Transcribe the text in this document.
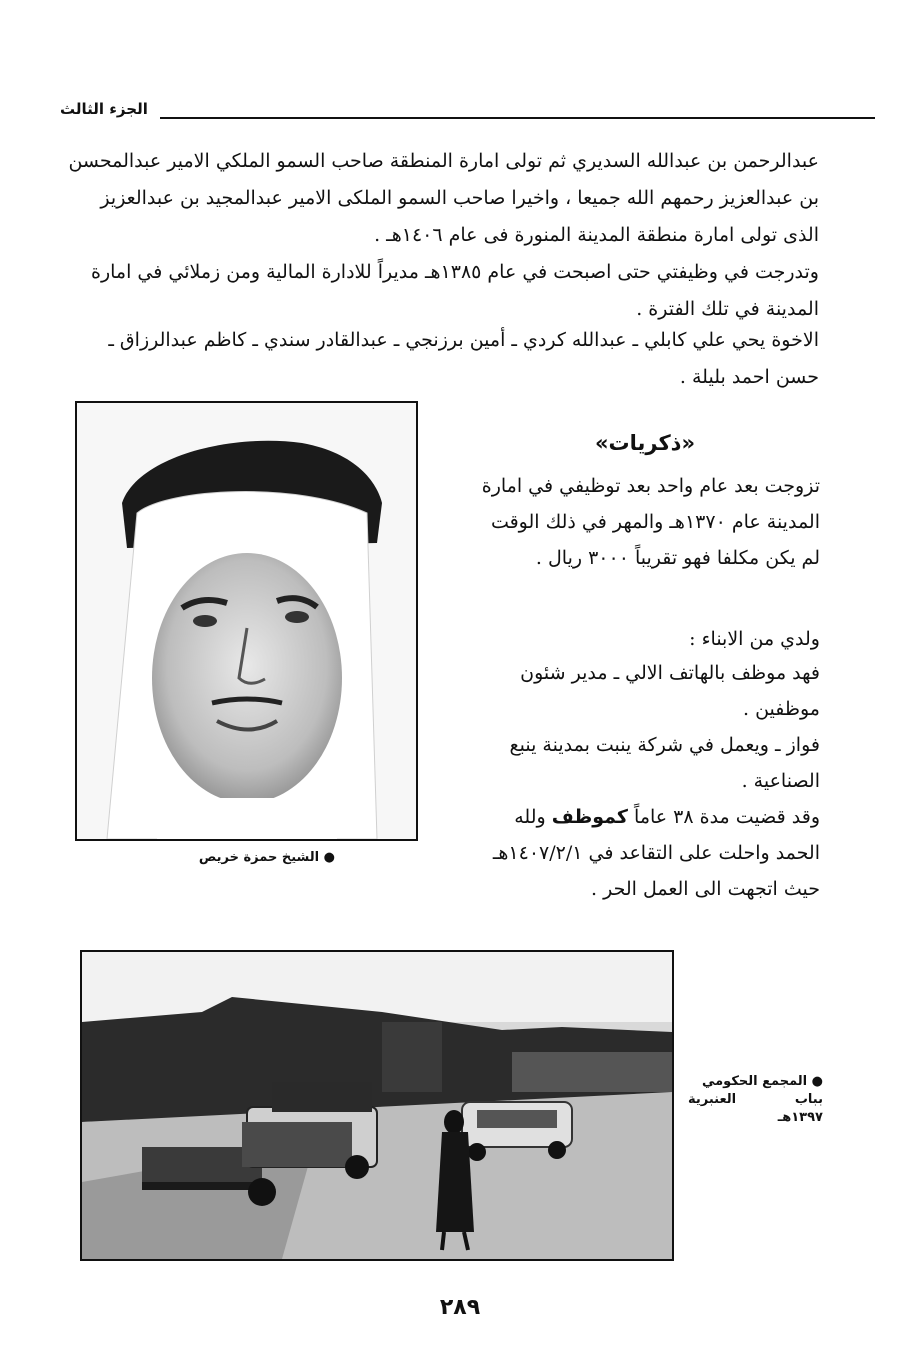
الجزء الثالث

عبدالرحمن بن عبدالله السديري ثم تولى امارة المنطقة صاحب السمو الملكي الامير عبدالمحسن بن عبدالعزيز رحمهم الله جميعا ، واخيرا صاحب السمو الملكى الامير عبدالمجيد بن عبدالعزيز الذى تولى امارة منطقة المدينة المنورة فى عام ١٤٠٦هـ .

وتدرجت في وظيفتي حتى اصبحت في عام ١٣٨٥هـ مديراً للادارة المالية ومن زملائي في امارة المدينة في تلك الفترة .

الاخوة يحي علي كابلي ـ عبدالله كردي ـ أمين برزنجي ـ عبدالقادر سندي ـ كاظم عبدالرزاق ـ حسن احمد بليلة .

● الشيخ حمزة خريص
«ذكريات»

تزوجت بعد عام واحد بعد توظيفي في امارة المدينة عام ١٣٧٠هـ والمهر في ذلك الوقت لم يكن مكلفا فهو تقريباً ٣٠٠٠ ريال .

ولدي من الابناء :

فهد موظف بالهاتف الالي ـ مدير شئون موظفين .

فواز ـ ويعمل في شركة ينبت بمدينة ينبع الصناعية .

وقد قضيت مدة ٣٨ عاماً كموظف ولله الحمد واحلت على التقاعد في ١٤٠٧/٢/١هـ حيث اتجهت الى العمل الحر .

● المجمع الحكومي
بباب العنبرية
١٣٩٧هـ
٢٨٩
